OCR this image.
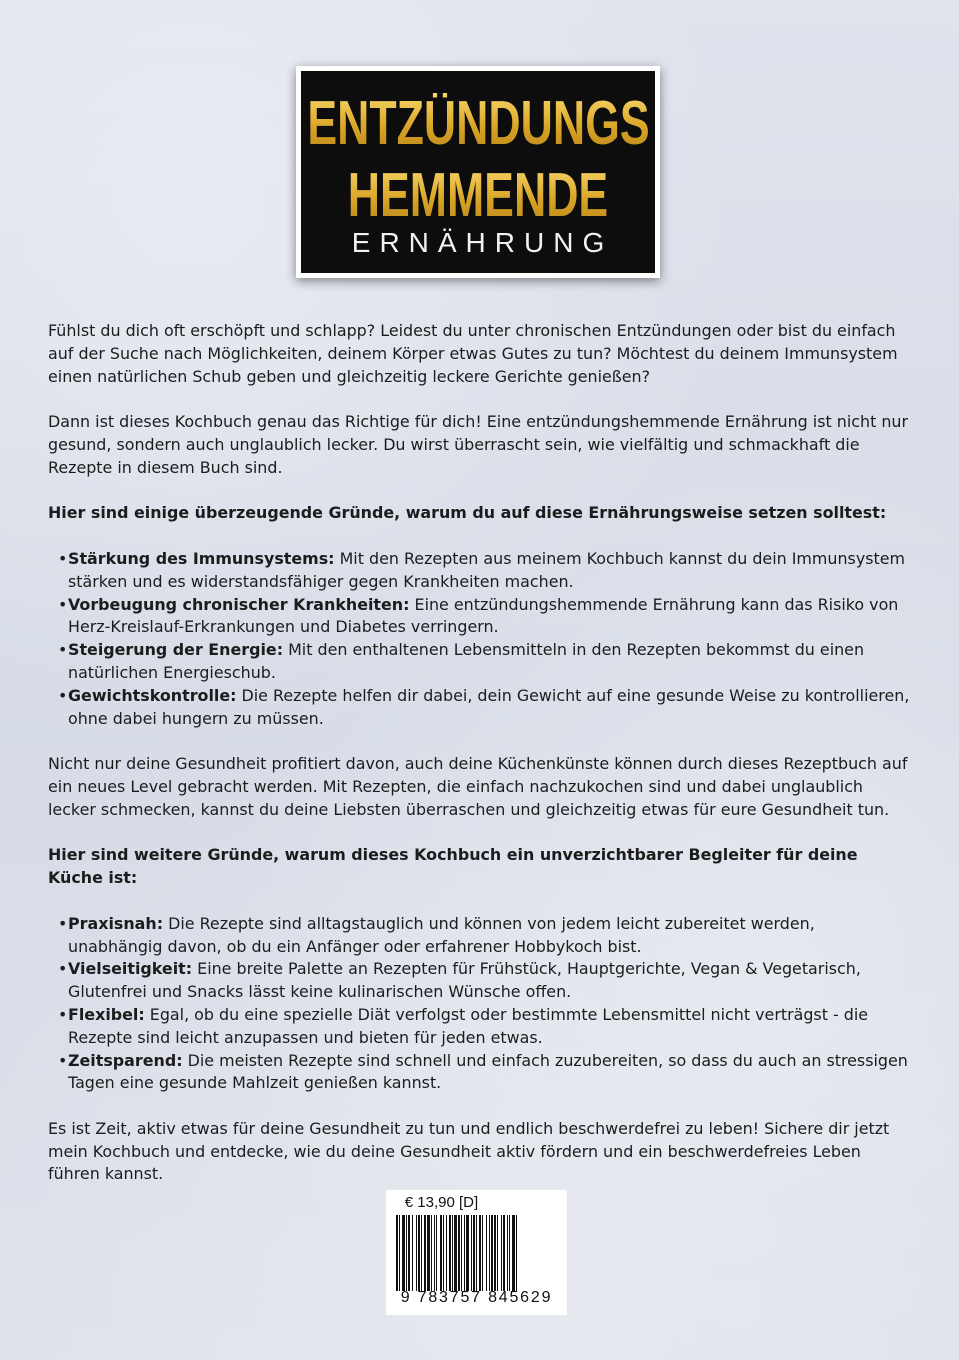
ENTZÜNDUNGS
HEMMENDE
ERNÄHRUNG

Fühlst du dich oft erschöpft und schlapp? Leidest du unter chronischen Entzündungen oder bist du einfach auf der Suche nach Möglichkeiten, deinem Körper etwas Gutes zu tun? Möchtest du deinem Immunsystem einen natürlichen Schub geben und gleichzeitig leckere Gerichte genießen?

Dann ist dieses Kochbuch genau das Richtige für dich! Eine entzündungshemmende Ernährung ist nicht nur gesund, sondern auch unglaublich lecker. Du wirst überrascht sein, wie vielfältig und schmackhaft die Rezepte in diesem Buch sind.

Hier sind einige überzeugende Gründe, warum du auf diese Ernährungsweise setzen solltest:

• Stärkung des Immunsystems: Mit den Rezepten aus meinem Kochbuch kannst du dein Immunsystem stärken und es widerstandsfähiger gegen Krankheiten machen.
• Vorbeugung chronischer Krankheiten: Eine entzündungshemmende Ernährung kann das Risiko von Herz-Kreislauf-Erkrankungen und Diabetes verringern.
• Steigerung der Energie: Mit den enthaltenen Lebensmitteln in den Rezepten bekommst du einen natürlichen Energieschub.
• Gewichtskontrolle: Die Rezepte helfen dir dabei, dein Gewicht auf eine gesunde Weise zu kontrollieren, ohne dabei hungern zu müssen.

Nicht nur deine Gesundheit profitiert davon, auch deine Küchenkünste können durch dieses Rezeptbuch auf ein neues Level gebracht werden. Mit Rezepten, die einfach nachzukochen sind und dabei unglaublich lecker schmecken, kannst du deine Liebsten überraschen und gleichzeitig etwas für eure Gesundheit tun.

Hier sind weitere Gründe, warum dieses Kochbuch ein unverzichtbarer Begleiter für deine Küche ist:

• Praxisnah: Die Rezepte sind alltagstauglich und können von jedem leicht zubereitet werden, unabhängig davon, ob du ein Anfänger oder erfahrener Hobbykoch bist.
• Vielseitigkeit: Eine breite Palette an Rezepten für Frühstück, Hauptgerichte, Vegan & Vegetarisch, Glutenfrei und Snacks lässt keine kulinarischen Wünsche offen.
• Flexibel: Egal, ob du eine spezielle Diät verfolgst oder bestimmte Lebensmittel nicht verträgst - die Rezepte sind leicht anzupassen und bieten für jeden etwas.
• Zeitsparend: Die meisten Rezepte sind schnell und einfach zuzubereiten, so dass du auch an stressigen Tagen eine gesunde Mahlzeit genießen kannst.

Es ist Zeit, aktiv etwas für deine Gesundheit zu tun und endlich beschwerdefrei zu leben! Sichere dir jetzt mein Kochbuch und entdecke, wie du deine Gesundheit aktiv fördern und ein beschwerdefreies Leben führen kannst.

€ 13,90 [D]
9 783757 845629
